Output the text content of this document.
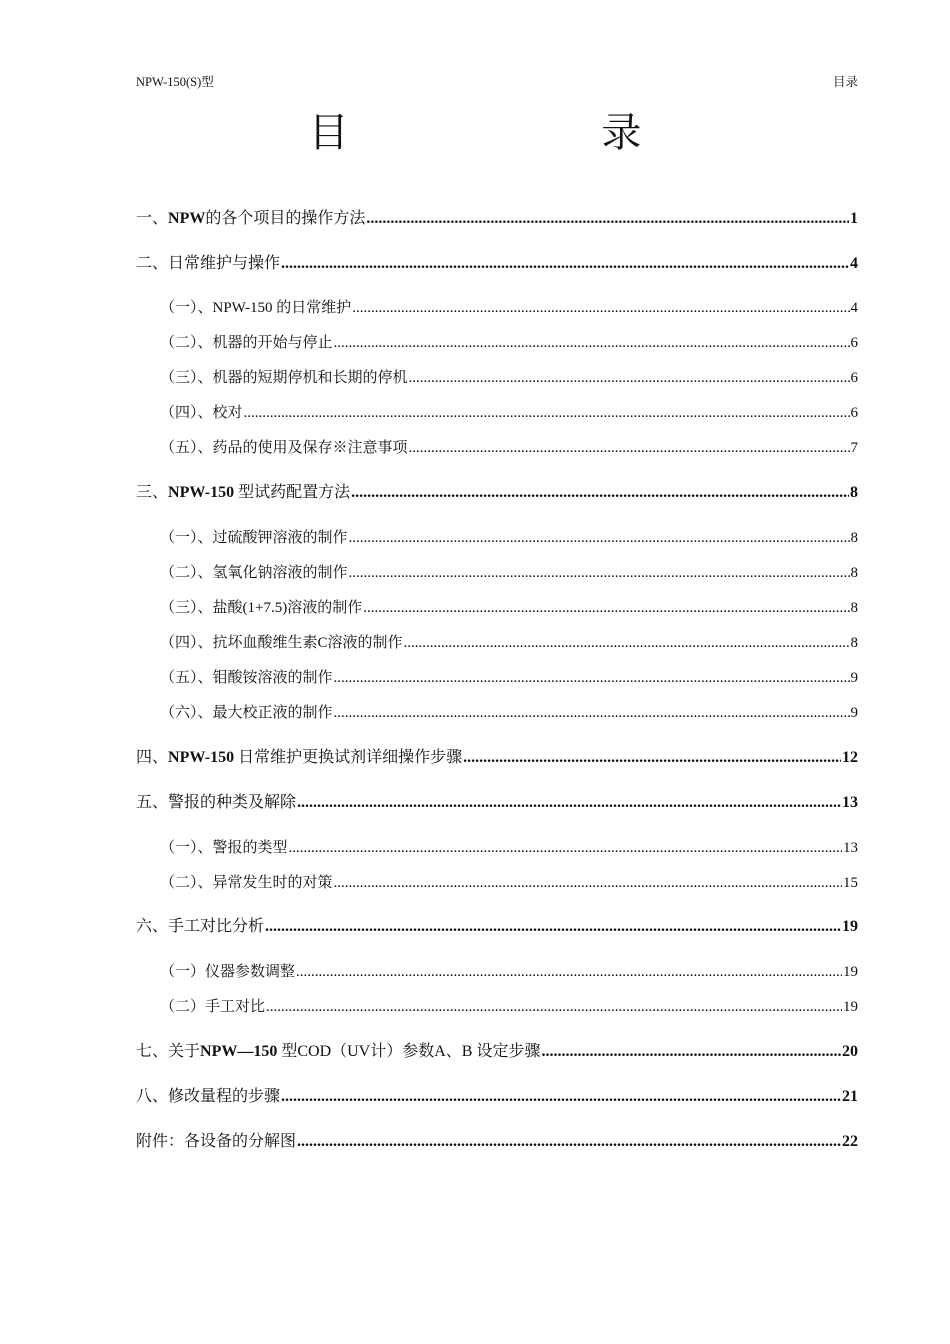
NPW-150(S)型	目录
目 录
一、NPW的各个项目的操作方法 .....	1
二、日常维护与操作 .....	4
（一）、NPW-150 的日常维护 .....	4
（二）、机器的开始与停止 .....	6
（三）、机器的短期停机和长期的停机 .....	6
（四）、校对 .....	6
（五）、药品的使用及保存※注意事项 .....	7
三、NPW-150 型试药配置方法 .....	8
（一）、过硫酸钾溶液的制作 .....	8
（二）、氢氧化钠溶液的制作 .....	8
（三）、盐酸(1+7.5)溶液的制作 .....	8
（四）、抗坏血酸维生素C溶液的制作 .....	8
（五）、钼酸铵溶液的制作 .....	9
（六）、最大校正液的制作 .....	9
四、NPW-150 日常维护更换试剂详细操作步骤 .....	12
五、警报的种类及解除 .....	13
（一）、警报的类型 .....	13
（二）、异常发生时的对策 .....	15
六、手工对比分析 .....	19
（一）仪器参数调整 .....	19
（二）手工对比 .....	19
七、关于NPW—150 型COD（UV计）参数A、B 设定步骤 .....	20
八、修改量程的步骤 .....	21
附件：各设备的分解图 .....	22
